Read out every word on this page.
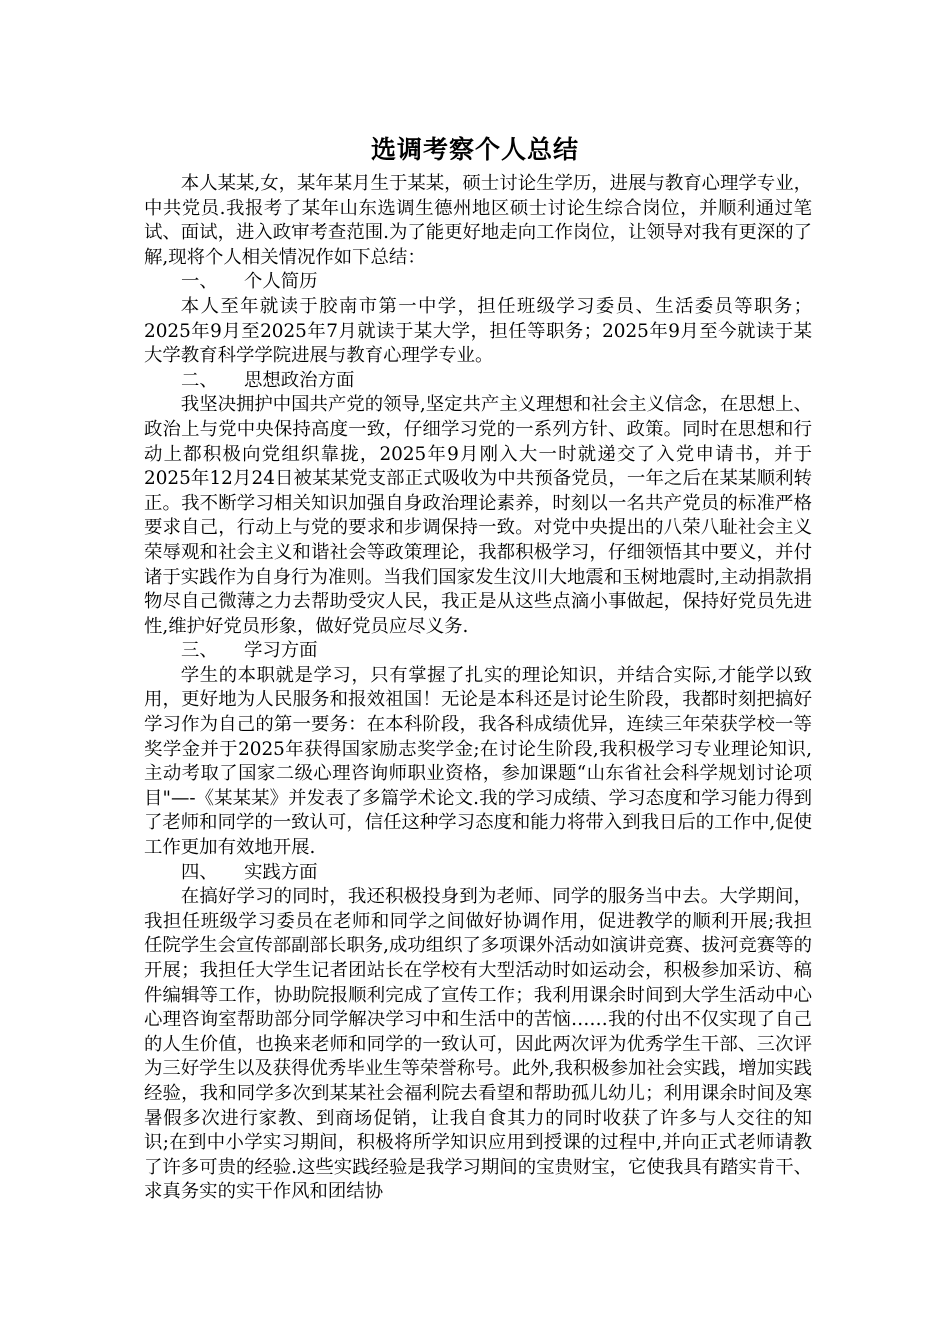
选调考察个人总结

本人某某,女，某年某月生于某某，硕士讨论生学历，进展与教育心理学专业，中共党员.我报考了某年山东选调生德州地区硕士讨论生综合岗位，并顺利通过笔试、面试，进入政审考查范围.为了能更好地走向工作岗位，让领导对我有更深的了解,现将个人相关情况作如下总结：

一、 个人简历

本人至年就读于胶南市第一中学，担任班级学习委员、生活委员等职务；2025年9月至2025年7月就读于某大学，担任等职务；2025年9月至今就读于某大学教育科学学院进展与教育心理学专业。

二、 思想政治方面

我坚决拥护中国共产党的领导,坚定共产主义理想和社会主义信念，在思想上、政治上与党中央保持高度一致，仔细学习党的一系列方针、政策。同时在思想和行动上都积极向党组织靠拢，2025年9月刚入大一时就递交了入党申请书，并于2025年12月24日被某某党支部正式吸收为中共预备党员，一年之后在某某顺利转正。我不断学习相关知识加强自身政治理论素养，时刻以一名共产党员的标准严格要求自己，行动上与党的要求和步调保持一致。对党中央提出的八荣八耻社会主义荣辱观和社会主义和谐社会等政策理论，我都积极学习，仔细领悟其中要义，并付诸于实践作为自身行为准则。当我们国家发生汶川大地震和玉树地震时,主动捐款捐物尽自己微薄之力去帮助受灾人民，我正是从这些点滴小事做起，保持好党员先进性,维护好党员形象，做好党员应尽义务.

三、 学习方面

学生的本职就是学习，只有掌握了扎实的理论知识，并结合实际,才能学以致用，更好地为人民服务和报效祖国！无论是本科还是讨论生阶段，我都时刻把搞好学习作为自己的第一要务：在本科阶段，我各科成绩优异，连续三年荣获学校一等奖学金并于2025年获得国家励志奖学金;在讨论生阶段,我积极学习专业理论知识,主动考取了国家二级心理咨询师职业资格，参加课题“山东省社会科学规划讨论项目"—-《某某某》并发表了多篇学术论文.我的学习成绩、学习态度和学习能力得到了老师和同学的一致认可，信任这种学习态度和能力将带入到我日后的工作中,促使工作更加有效地开展.

四、 实践方面

在搞好学习的同时，我还积极投身到为老师、同学的服务当中去。大学期间，我担任班级学习委员在老师和同学之间做好协调作用，促进教学的顺利开展;我担任院学生会宣传部副部长职务,成功组织了多项课外活动如演讲竞赛、拔河竞赛等的开展；我担任大学生记者团站长在学校有大型活动时如运动会，积极参加采访、稿件编辑等工作，协助院报顺利完成了宣传工作；我利用课余时间到大学生活动中心心理咨询室帮助部分同学解决学习中和生活中的苦恼……我的付出不仅实现了自己的人生价值，也换来老师和同学的一致认可，因此两次评为优秀学生干部、三次评为三好学生以及获得优秀毕业生等荣誉称号。此外,我积极参加社会实践，增加实践经验，我和同学多次到某某社会福利院去看望和帮助孤儿幼儿；利用课余时间及寒暑假多次进行家教、到商场促销，让我自食其力的同时收获了许多与人交往的知识;在到中小学实习期间，积极将所学知识应用到授课的过程中,并向正式老师请教了许多可贵的经验.这些实践经验是我学习期间的宝贵财宝，它使我具有踏实肯干、求真务实的实干作风和团结协
